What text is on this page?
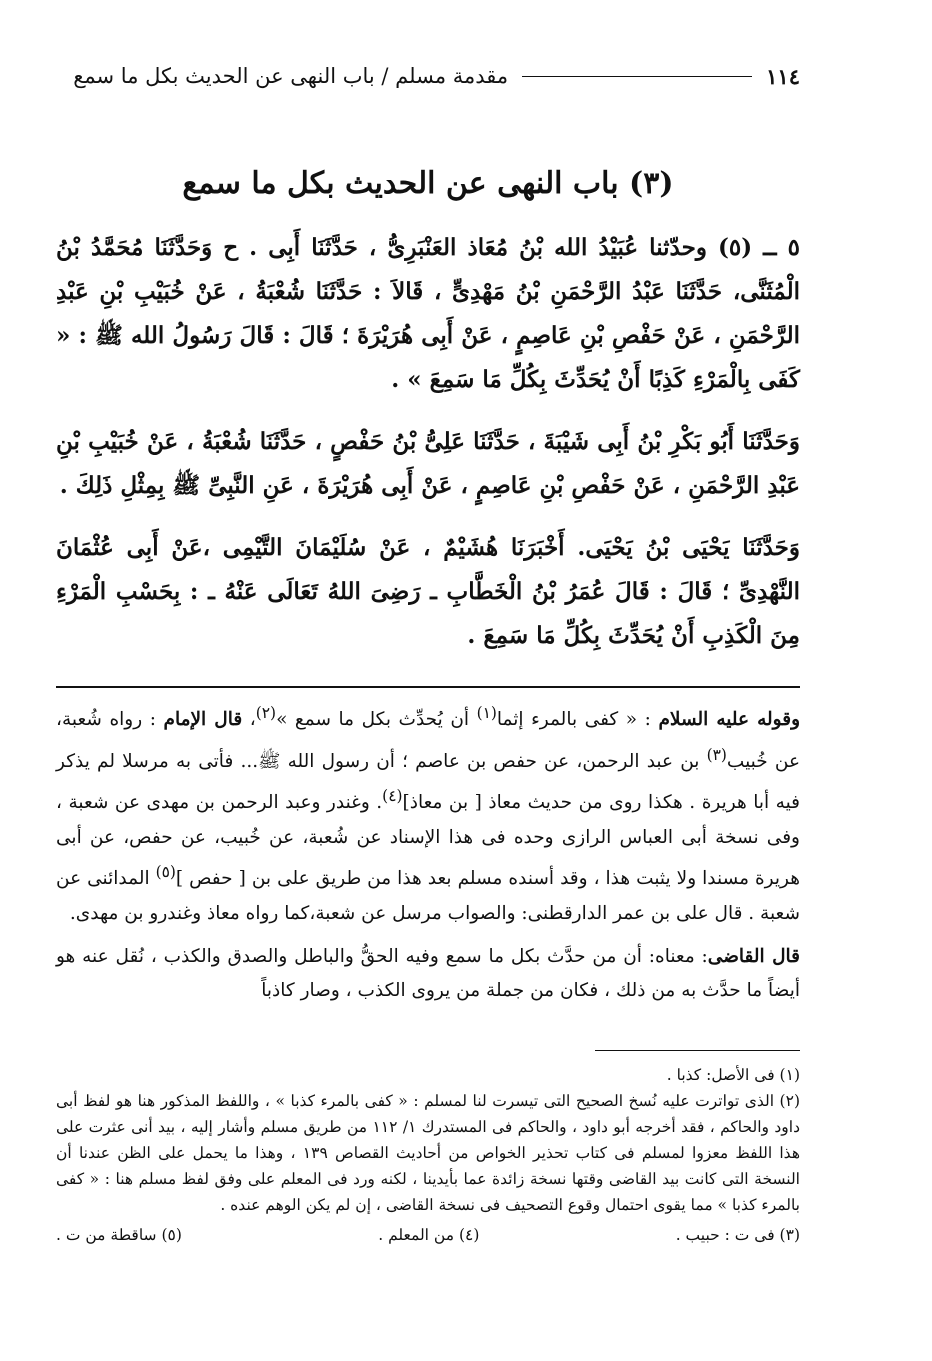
١١٤
مقدمة مسلم / باب النهى عن الحديث بكل ما سمع
(٣) باب النهى عن الحديث بكل ما سمع

٥ ــ (٥) وحدّثنا عُبَيْدُ الله بْنُ مُعَاذ العَنْبَرِىُّ ، حَدَّثَنَا أَبِى . ح وَحَدَّثَنَا مُحَمَّدُ بْنُ الْمُثَنَّى، حَدَّثَنَا عَبْدُ الرَّحْمَنِ بْنُ مَهْدِىٍّ ، قَالاَ : حَدَّثَنَا شُعْبَةُ ، عَنْ خُبَيْبِ بْنِ عَبْدِ الرَّحْمَنِ ، عَنْ حَفْصِ بْنِ عَاصِمٍ ، عَنْ أَبِى هُرَيْرَةَ ؛ قَالَ : قَالَ رَسُولُ الله ﷺ : « كَفَى بِالْمَرْءِ كَذِبًا أَنْ يُحَدِّثَ بِكُلِّ مَا سَمِعَ » .

وَحَدَّثَنَا أَبُو بَكْرِ بْنُ أَبِى شَيْبَةَ ، حَدَّثَنَا عَلِىُّ بْنُ حَفْصٍ ، حَدَّثَنَا شُعْبَةُ ، عَنْ خُبَيْبِ بْنِ عَبْدِ الرَّحْمَنِ ، عَنْ حَفْصِ بْنِ عَاصِمٍ ، عَنْ أَبِى هُرَيْرَةَ ، عَنِ النَّبِىِّ ﷺ بِمِثْلِ ذَلِكَ .

وَحَدَّثَنَا يَحْيَى بْنُ يَحْيَى. أَخْبَرَنَا هُشَيْمٌ ، عَنْ سُلَيْمَانَ التَّيْمِى ،عَنْ أَبِى عُثْمَانَ النَّهْدِىِّ ؛ قَالَ : قَالَ عُمَرُ بْنُ الْخَطَّابِ ـ رَضِىَ اللهُ تَعَالَى عَنْهُ ـ : بِحَسْبِ الْمَرْءِ مِنَ الْكَذِبِ أَنْ يُحَدِّثَ بِكُلِّ مَا سَمِعَ .

وقوله عليه السلام : « كفى بالمرء إثما$^{(١)}$ أن يُحدِّث بكل ما سمع »$^{(٢)}$، قال الإمام : رواه شُعبة، عن خُبيب$^{(٣)}$ بن عبد الرحمن، عن حفص بن عاصم ؛ أن رسول الله ﷺ... فأتى به مرسلا لم يذكر فيه أبا هريرة . هكذا روى من حديث معاذ [ بن معاذ]$^{(٤)}$. وغندر وعبد الرحمن بن مهدى عن شعبة ، وفى نسخة أبى العباس الرازى وحده فى هذا الإسناد عن شُعبة، عن خُبيب، عن حفص، عن أبى هريرة مسندا ولا يثبت هذا ، وقد أسنده مسلم بعد هذا من طريق على بن [ حفص ]$^{(٥)}$ المدائنى عن شعبة . قال على بن عمر الدارقطنى: والصواب مرسل عن شعبة،كما رواه معاذ وغندرو بن مهدى.

قال القاضى: معناه: أن من حدَّث بكل ما سمع وفيه الحقُّ والباطل والصدق والكذب ، نُقل عنه هو أيضاً ما حدَّث به من ذلك ، فكان من جملة من يروى الكذب ، وصار كاذباً

(١) فى الأصل: كذبا .

(٢) الذى تواترت عليه نُسخ الصحيح التى تيسرت لنا لمسلم : « كفى بالمرء كذبا » ، واللفظ المذكور هنا هو لفظ أبى داود والحاكم ، فقد أخرجه أبو داود ، والحاكم فى المستدرك ١/ ١١٢ من طريق مسلم وأشار إليه ، بيد أنى عثرت على هذا اللفظ معزوا لمسلم فى كتاب تحذير الخواص من أحاديث القصاص ١٣٩ ، وهذا ما يحمل على الظن عندنا أن النسخة التى كانت بيد القاضى وقتها نسخة زائدة عما بأيدينا ، لكنه ورد فى المعلم على وفق لفظ مسلم هنا : « كفى بالمرء كذبا » مما يقوى احتمال وقوع التصحيف فى نسخة القاضى ، إن لم يكن الوهم عنده .

(٣) فى ت : حبيب .
(٤) من المعلم .
(٥) ساقطة من ت .
